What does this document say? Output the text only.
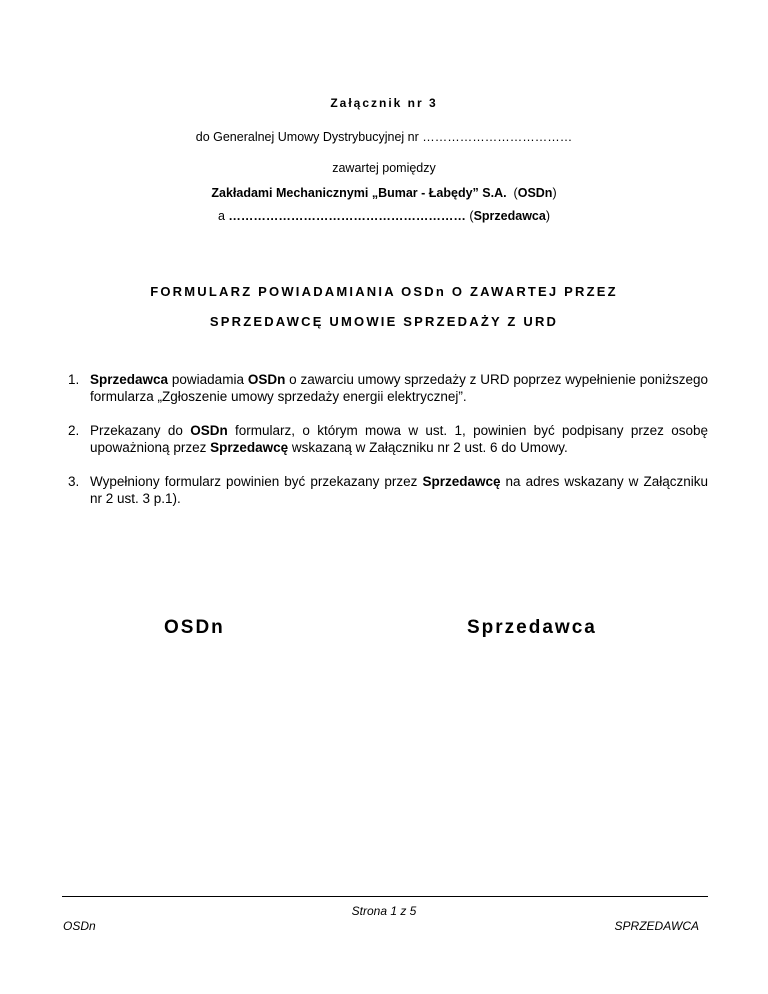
Załącznik nr 3
do Generalnej Umowy Dystrybucyjnej nr ………………………………
zawartej pomiędzy
Zakładami Mechanicznymi „Bumar - Łabędy” S.A. (OSDn)
a ………………………………………………… (Sprzedawca)
FORMULARZ POWIADAMIANIA OSDn O ZAWARTEJ PRZEZ
SPRZEDAWCĘ UMOWIE SPRZEDAŻY Z URD
1. Sprzedawca powiadamia OSDn o zawarciu umowy sprzedaży z URD poprzez wypełnienie poniższego formularza „Zgłoszenie umowy sprzedaży energii elektrycznej”.
2. Przekazany do OSDn formularz, o którym mowa w ust. 1, powinien być podpisany przez osobę upoważnioną przez Sprzedawcę wskazaną w Załączniku nr 2 ust. 6 do Umowy.
3. Wypełniony formularz powinien być przekazany przez Sprzedawcę na adres wskazany w Załączniku nr 2 ust. 3 p.1).
OSDn	Sprzedawca
Strona 1 z 5
OSDn	SPRZEDAWCA
